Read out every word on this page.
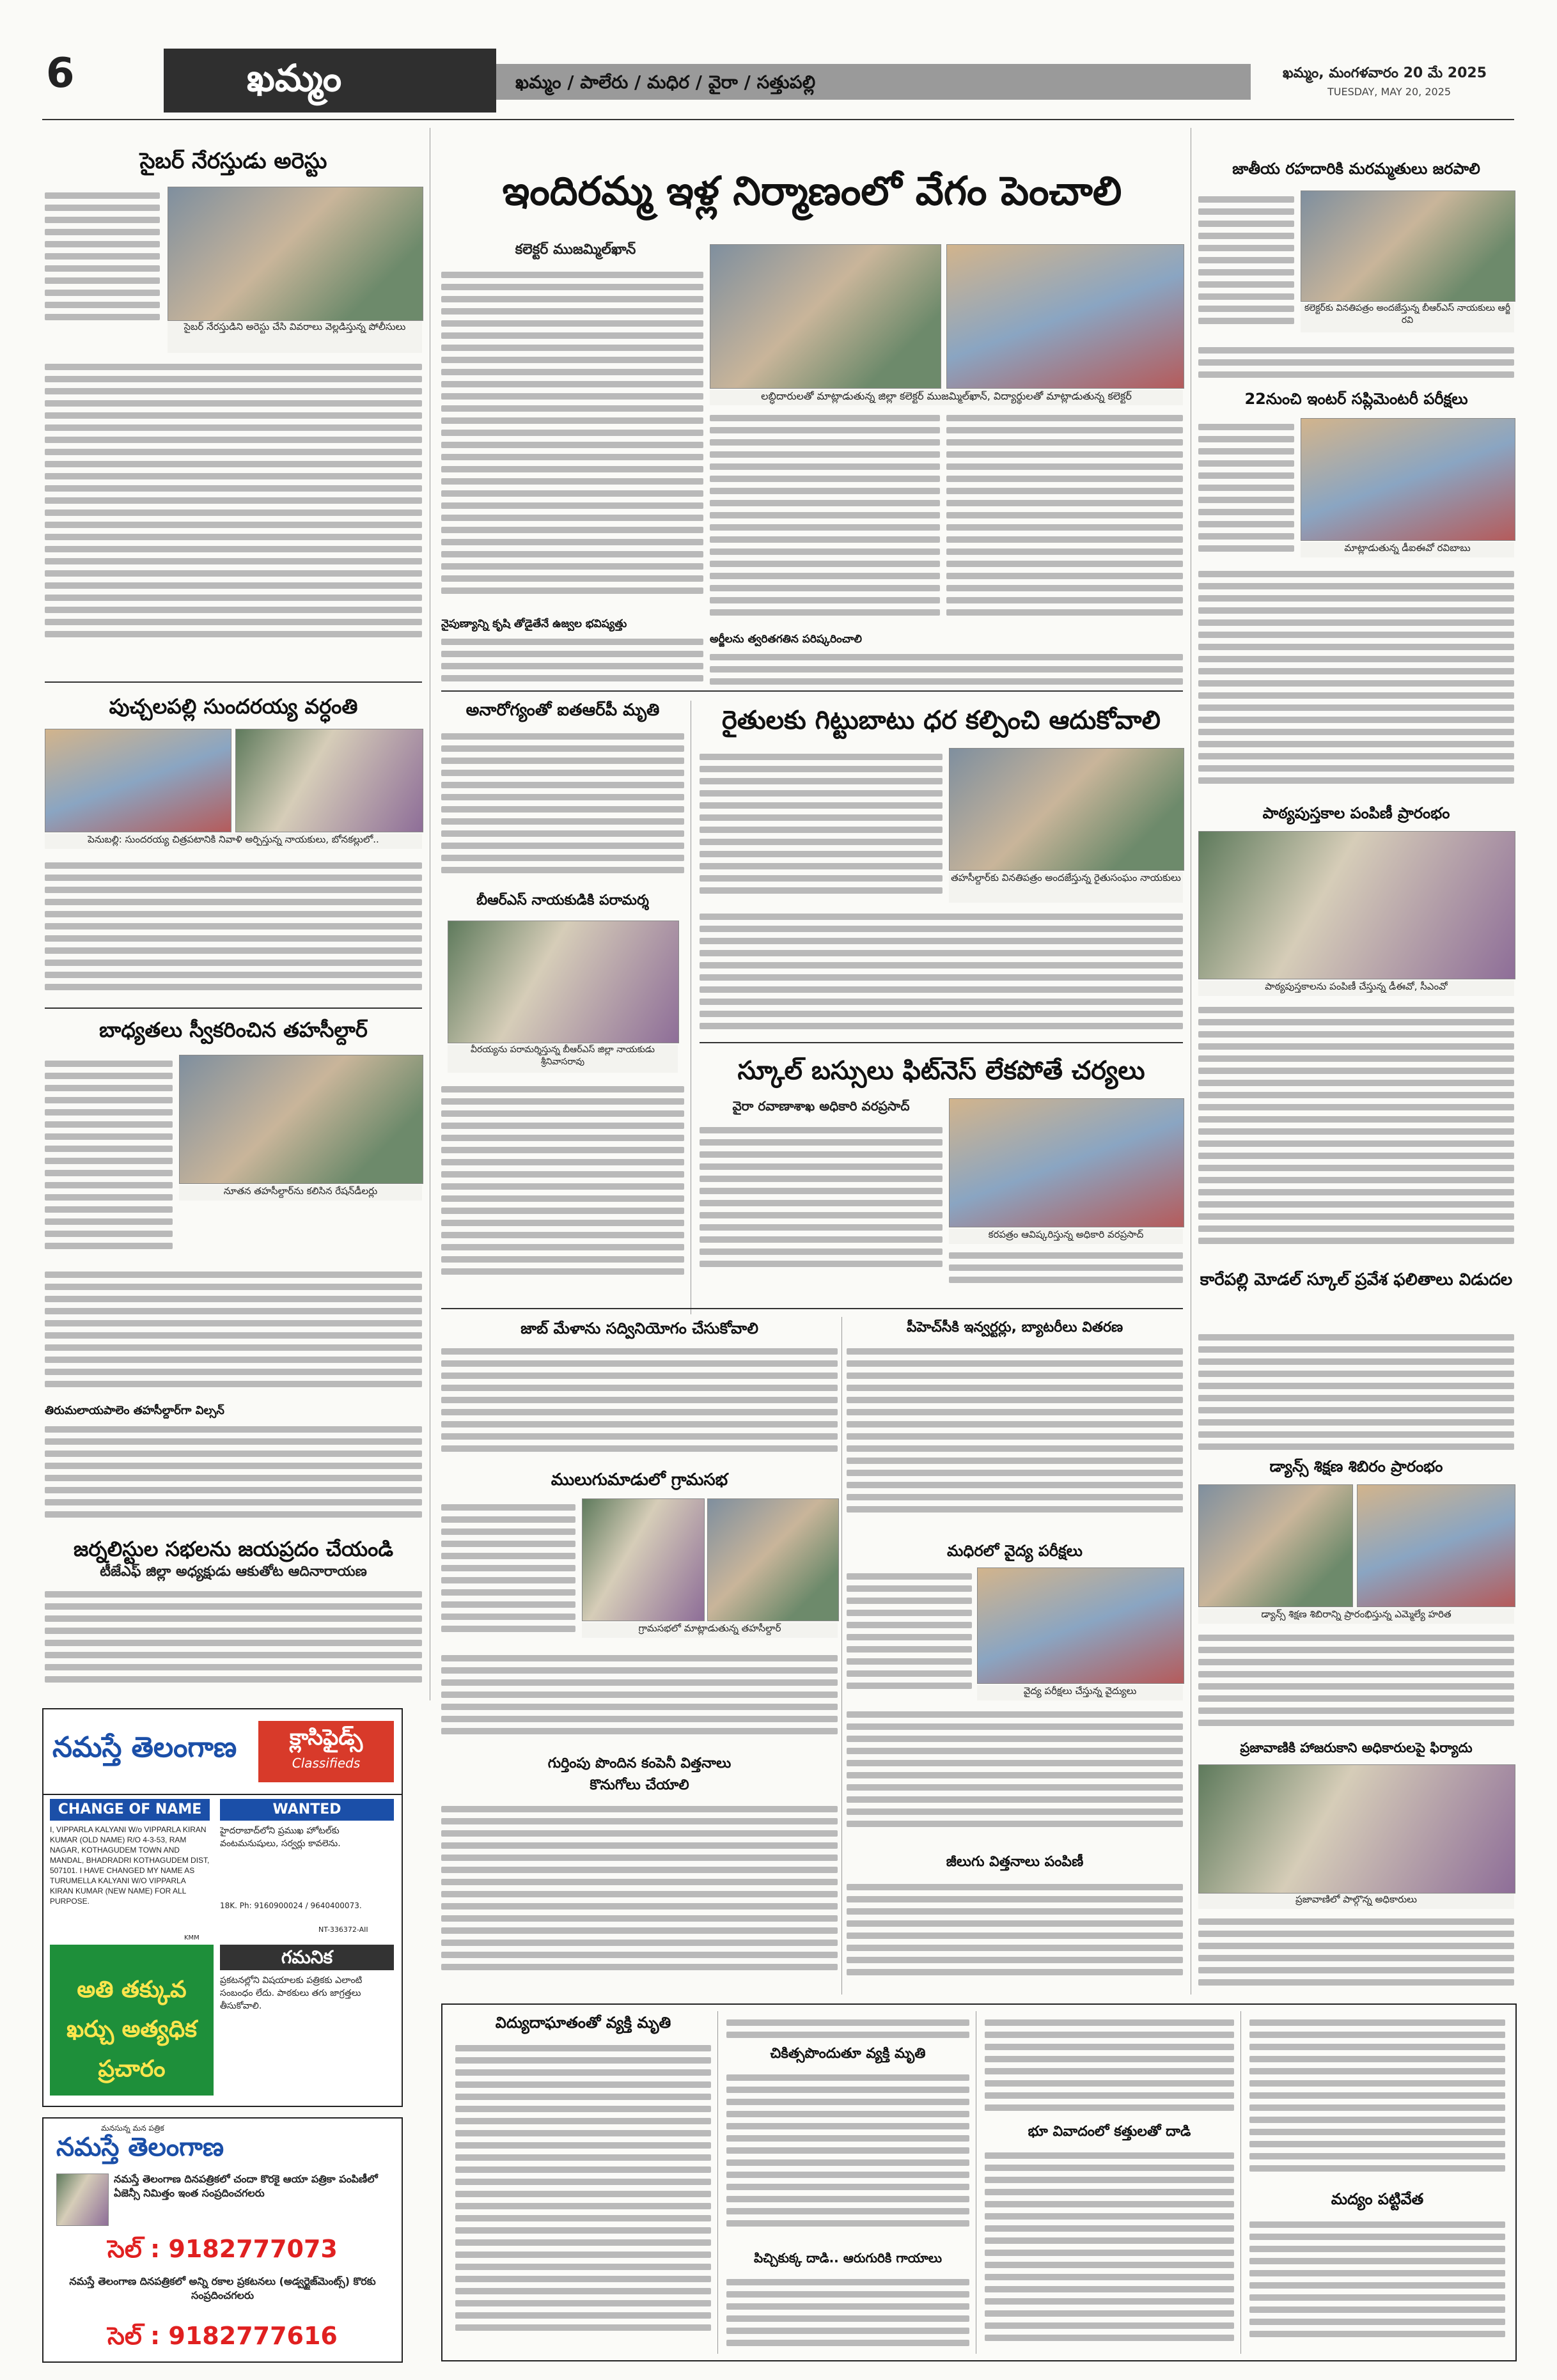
6	ఖమ్మం	ఖమ్మం / పాలేరు / మధిర / వైరా / సత్తుపల్లి	ఖమ్మం, మంగళవారం 20 మే 2025
TUESDAY, MAY 20, 2025
సైబర్ నేరస్తుడు అరెస్టు
సైబర్ నేరస్తుడిని అరెస్టు చేసి వివరాలు వెల్లడిస్తున్న పోలీసులు
పుచ్చలపల్లి సుందరయ్య వర్ధంతి
పెనుబల్లి: సుందరయ్య చిత్రపటానికి నివాళి అర్పిస్తున్న నాయకులు, బోనకల్లులో..
బాధ్యతలు స్వీకరించిన తహసీల్దార్
నూతన తహసీల్దార్‌ను కలిసిన రేషన్‌డీలర్లు
తిరుమలాయపాలెం తహసీల్దార్‌గా విల్సన్
జర్నలిస్టుల సభలను జయప్రదం చేయండి
టీజేఎఫ్ జిల్లా అధ్యక్షుడు ఆకుతోట ఆదినారాయణ
నమస్తే తెలంగాణ	క్లాసిఫైడ్స్
Classifieds
CHANGE OF NAME
I, VIPPARLA KALYANI W/o VIPPARLA KIRAN KUMAR (OLD NAME) R/O 4-3-53, RAM NAGAR, KOTHAGUDEM TOWN AND MANDAL, BHADRADRI KOTHAGUDEM DIST, 507101. I HAVE CHANGED MY NAME AS TURUMELLA KALYANI W/O VIPPARLA KIRAN KUMAR (NEW NAME) FOR ALL PURPOSE.
KMM
WANTED
హైదరాబాద్‌లోని ప్రముఖ హోటల్‌కు వంటమనుషులు, సర్వర్లు కావలెను.
18K. Ph: 9160900024 / 9640400073.
NT-336372-AII
గమనిక
ప్రకటనల్లోని విషయాలకు పత్రికకు ఎలాంటి సంబంధం లేదు. పాఠకులు తగు జాగ్రత్తలు తీసుకోవాలి.
అతి తక్కువ ఖర్చు అత్యధిక ప్రచారం
మనసున్న మన పత్రిక
నమస్తే తెలంగాణ
నమస్తే తెలంగాణ దినపత్రికలో చందా కొరకై ఆయా పత్రికా పంపిణీలో ఏజెన్సీ నిమిత్తం ఇంత సంప్రదించగలరు
సెల్ : 9182777073
నమస్తే తెలంగాణ దినపత్రికలో అన్ని రకాల ప్రకటనలు (అడ్వర్టైజ్‌మెంట్స్) కొరకు సంప్రదించగలరు
సెల్ : 9182777616
ఇందిరమ్మ ఇళ్ల నిర్మాణంలో వేగం పెంచాలి
కలెక్టర్ ముజమ్మిల్‌ఖాన్
లబ్ధిదారులతో మాట్లాడుతున్న జిల్లా కలెక్టర్ ముజమ్మిల్‌ఖాన్, విద్యార్థులతో మాట్లాడుతున్న కలెక్టర్
నైపుణ్యాన్ని కృషి తోడైతేనే ఉజ్వల భవిష్యత్తు
అర్జీలను త్వరితగతిన పరిష్కరించాలి
అనారోగ్యంతో ఐతఆర్‌పీ మృతి
బీఆర్‌ఎస్ నాయకుడికి పరామర్శ
వీరయ్యను పరామర్శిస్తున్న బీఆర్‌ఎస్ జిల్లా నాయకుడు శ్రీనివాసరావు
రైతులకు గిట్టుబాటు ధర కల్పించి ఆదుకోవాలి
తహసీల్దార్‌కు వినతిపత్రం అందజేస్తున్న రైతుసంఘం నాయకులు
స్కూల్ బస్సులు ఫిట్‌నెస్ లేకపోతే చర్యలు
వైరా రవాణాశాఖ అధికారి వరప్రసాద్
కరపత్రం ఆవిష్కరిస్తున్న అధికారి వరప్రసాద్
జాబ్ మేళాను సద్వినియోగం చేసుకోవాలి	పీహెచ్‌సీకి ఇన్వర్టర్లు, బ్యాటరీలు వితరణ
ములుగుమాడులో గ్రామసభ
గ్రామసభలో మాట్లాడుతున్న తహసీల్దార్
మధిరలో వైద్య పరీక్షలు
వైద్య పరీక్షలు చేస్తున్న వైద్యులు
గుర్తింపు పొందిన కంపెనీ విత్తనాలు
కొనుగోలు చేయాలి
జీలుగు విత్తనాలు పంపిణీ
జాతీయ రహదారికి మరమ్మతులు జరపాలి
కలెక్టర్‌కు వినతిపత్రం అందజేస్తున్న బీఆర్‌ఎస్ నాయకులు ఆర్జీ రవి
22నుంచి ఇంటర్ సప్లిమెంటరీ పరీక్షలు
మాట్లాడుతున్న డీఐఈవో రవిబాబు
పాఠ్యపుస్తకాల పంపిణీ ప్రారంభం
పాఠ్యపుస్తకాలను పంపిణీ చేస్తున్న డీఈవో, సీఎంవో
కారేపల్లి మోడల్ స్కూల్ ప్రవేశ ఫలితాలు విడుదల
డ్యాన్స్ శిక్షణ శిబిరం ప్రారంభం
డ్యాన్స్ శిక్షణ శిబిరాన్ని ప్రారంభిస్తున్న ఎమ్మెల్యే హరిత
ప్రజావాణికి హాజరుకాని అధికారులపై ఫిర్యాదు
ప్రజావాణిలో పాల్గొన్న అధికారులు
విద్యుదాఘాతంతో వ్యక్తి మృతి
చికిత్సపొందుతూ వ్యక్తి మృతి
పిచ్చికుక్క దాడి.. ఆరుగురికి గాయాలు
భూ వివాదంలో కత్తులతో దాడి
మద్యం పట్టివేత
